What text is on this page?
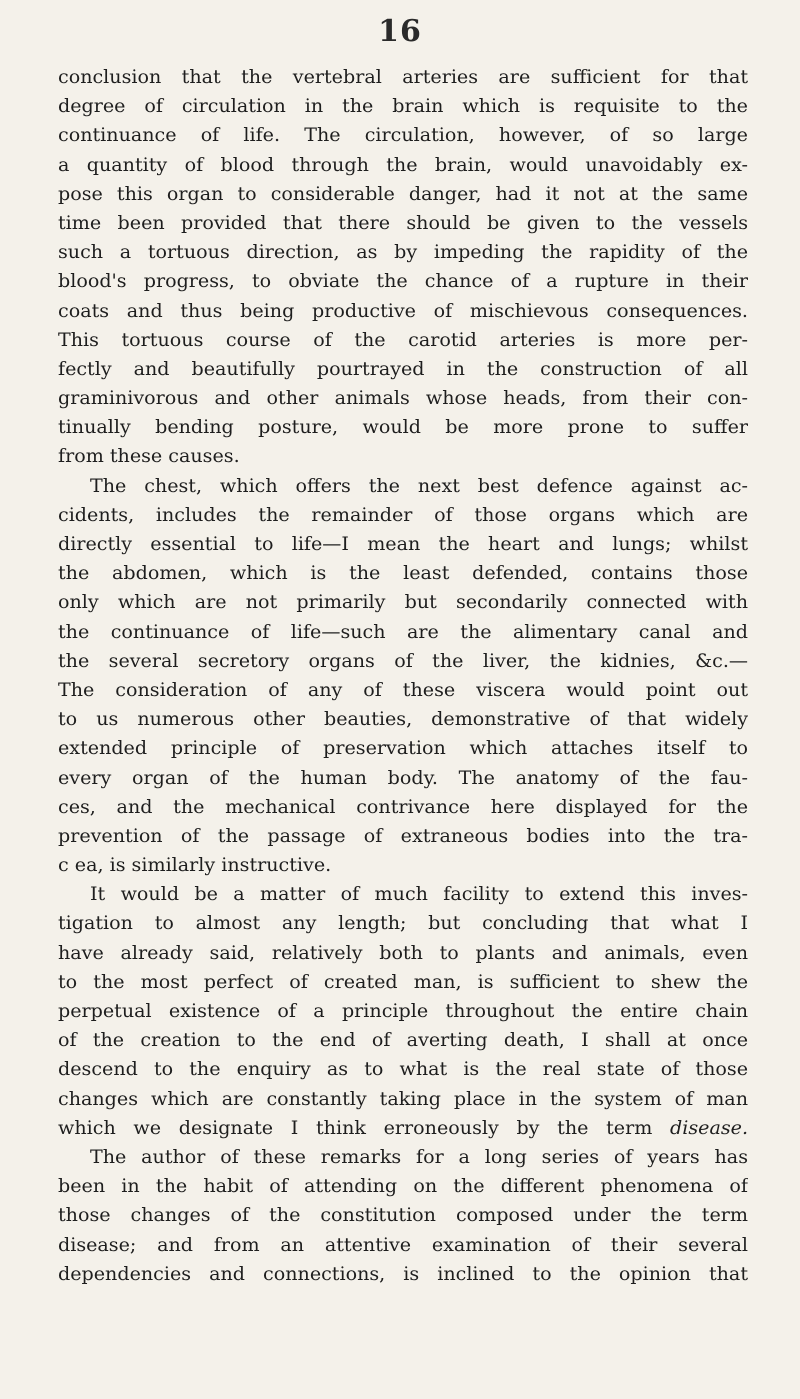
16
conclusion that the vertebral arteries are sufficient for that
degree of circulation in the brain which is requisite to the
continuance of life. The circulation, however, of so large
a quantity of blood through the brain, would unavoidably ex-
pose this organ to considerable danger, had it not at the same
time been provided that there should be given to the vessels
such a tortuous direction, as by impeding the rapidity of the
blood's progress, to obviate the chance of a rupture in their
coats and thus being productive of mischievous consequences.
This tortuous course of the carotid arteries is more per-
fectly and beautifully pourtrayed in the construction of all
graminivorous and other animals whose heads, from their con-
tinually bending posture, would be more prone to suffer
from these causes.
The chest, which offers the next best defence against ac-
cidents, includes the remainder of those organs which are
directly essential to life—I mean the heart and lungs; whilst
the abdomen, which is the least defended, contains those
only which are not primarily but secondarily connected with
the continuance of life—such are the alimentary canal and
the several secretory organs of the liver, the kidnies, &c.—
The consideration of any of these viscera would point out
to us numerous other beauties, demonstrative of that widely
extended principle of preservation which attaches itself to
every organ of the human body. The anatomy of the fau-
ces, and the mechanical contrivance here displayed for the
prevention of the passage of extraneous bodies into the tra-
c ea, is similarly instructive.
It would be a matter of much facility to extend this inves-
tigation to almost any length; but concluding that what I
have already said, relatively both to plants and animals, even
to the most perfect of created man, is sufficient to shew the
perpetual existence of a principle throughout the entire chain
of the creation to the end of averting death, I shall at once
descend to the enquiry as to what is the real state of those
changes which are constantly taking place in the system of man
which we designate I think erroneously by the term disease.
The author of these remarks for a long series of years has
been in the habit of attending on the different phenomena of
those changes of the constitution composed under the term
disease; and from an attentive examination of their several
dependencies and connections, is inclined to the opinion that
